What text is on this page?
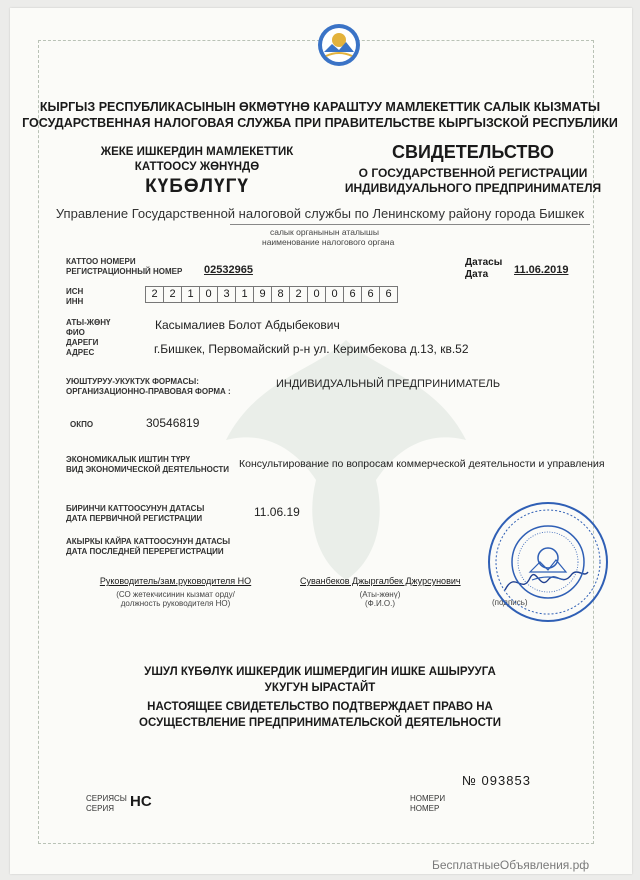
КЫРГЫЗ РЕСПУБЛИКАСЫНЫН ӨКМӨТҮНӨ КАРАШТУУ МАМЛЕКЕТТИК САЛЫК КЫЗМАТЫ
ГОСУДАРСТВЕННАЯ НАЛОГОВАЯ СЛУЖБА ПРИ ПРАВИТЕЛЬСТВЕ КЫРГЫЗСКОЙ РЕСПУБЛИКИ
ЖЕКЕ ИШКЕРДИН МАМЛЕКЕТТИК
КАТТООСУ ЖӨНҮНДӨ
КҮБӨЛҮГҮ
СВИДЕТЕЛЬСТВО
О ГОСУДАРСТВЕННОЙ РЕГИСТРАЦИИ
ИНДИВИДУАЛЬНОГО ПРЕДПРИНИМАТЕЛЯ
Управление Государственной налоговой службы по Ленинскому району города Бишкек
салык органынын аталышы
наименование налогового органа
КАТТОО НОМЕРИ
РЕГИСТРАЦИОННЫЙ НОМЕР 02532965
Датасы
Дата	11.06.2019
ИСН
ИНН
2	2	1	0	3	1	9	8	2	0	0	6	6	6
АТЫ-ЖӨНҮ
ФИО
Касымалиев Болот Абдыбекович
ДАРЕГИ
АДРЕС	г.Бишкек, Первомайский р-н ул. Керимбекова д.13, кв.52
УЮШТУРУУ-УКУКТУК ФОРМАСЫ:
ОРГАНИЗАЦИОННО-ПРАВОВАЯ ФОРМА :
ИНДИВИДУАЛЬНЫЙ ПРЕДПРИНИМАТЕЛЬ
ОКПО	30546819
ЭКОНОМИКАЛЫК ИШТИН ТҮРҮ
ВИД ЭКОНОМИЧЕСКОЙ ДЕЯТЕЛЬНОСТИ Консультирование по вопросам коммерческой деятельности и управления
БИРИНЧИ КАТТООСУНУН ДАТАСЫ
ДАТА ПЕРВИЧНОЙ РЕГИСТРАЦИИ	11.06.19
АКЫРКЫ КАЙРА КАТТООСУНУН ДАТАСЫ
ДАТА ПОСЛЕДНЕЙ ПЕРЕРЕГИСТРАЦИИ
Руководитель/зам.руководителя НО
(СО жетекчисинин кызмат орду/
должность руководителя НО)
Суванбеков Джыргалбек Джурсунович
(Аты-жөнү)
(Ф.И.О.)	(подпись)
УШУЛ КҮБӨЛҮК ИШКЕРДИК ИШМЕРДИГИН ИШКЕ АШЫРУУГА
УКУГУН ЫРАСТАЙТ
НАСТОЯЩЕЕ СВИДЕТЕЛЬСТВО ПОДТВЕРЖДАЕТ ПРАВО НА
ОСУЩЕСТВЛЕНИЕ ПРЕДПРИНИМАТЕЛЬСКОЙ ДЕЯТЕЛЬНОСТИ
№ 093853
СЕРИЯСЫ
СЕРИЯ	НС	НОМЕРИ
НОМЕР
БесплатныеОбъявления.рф
